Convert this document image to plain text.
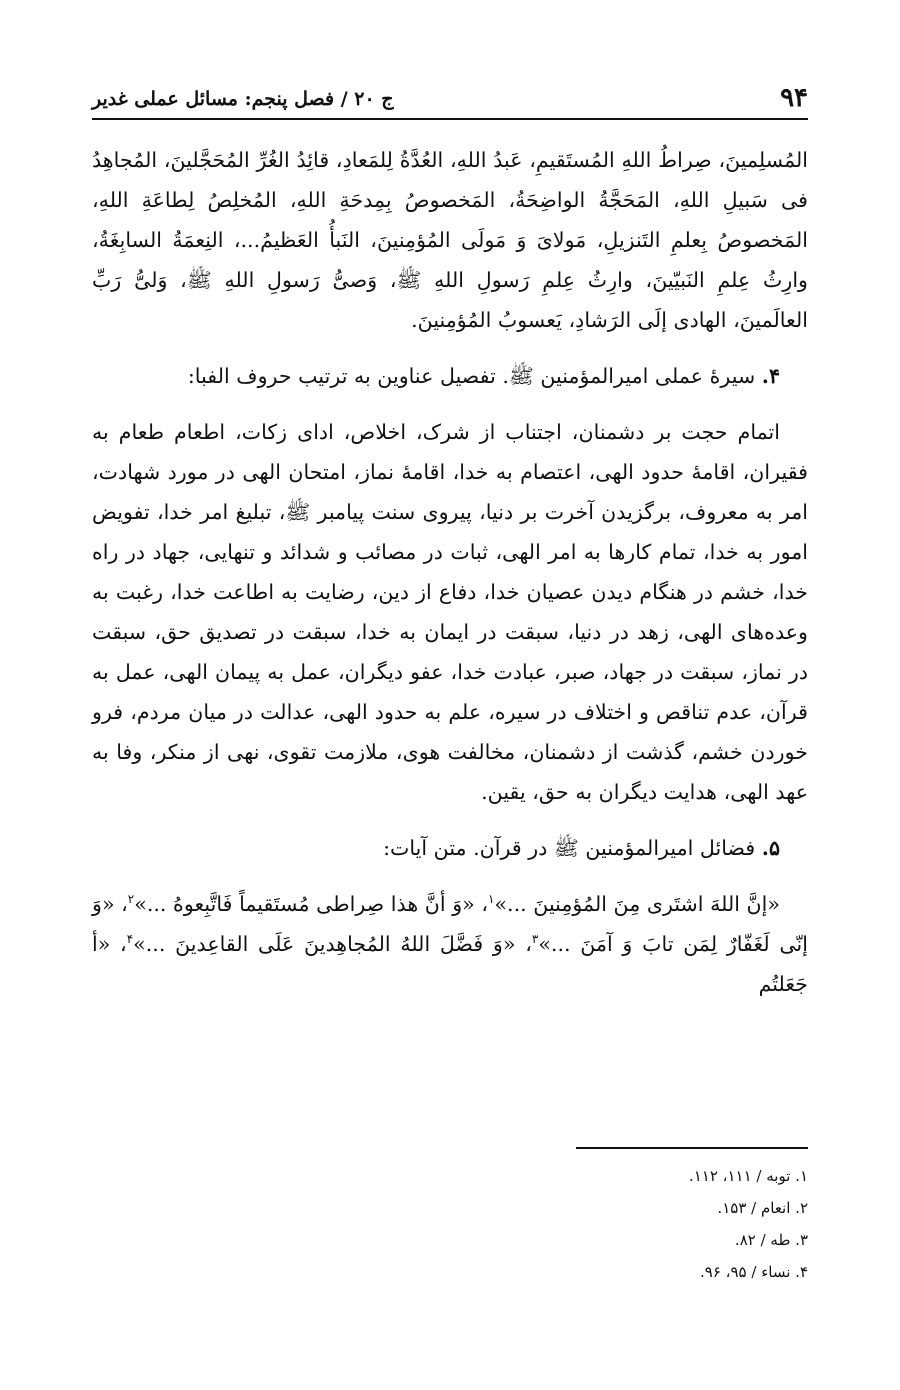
۹۴
ج ۲۰ / فصل پنجم: مسائل عملی غدیر

المُسلِمينَ، صِراطُ اللهِ المُستَقيمِ، عَبدُ اللهِ، العُدَّةُ لِلمَعادِ، قائِدُ الغُرِّ المُحَجَّلينَ، المُجاهِدُ فی سَبيلِ اللهِ، المَحَجَّةُ الواضِحَةُ، المَخصوصُ بِمِدحَةِ اللهِ، المُخلِصُ لِطاعَةِ اللهِ، المَخصوصُ بِعلمِ التَنزيلِ، مَولایَ وَ مَولَی المُؤمِنينَ، النَبأُ العَظيمُ...، النِعمَةُ السابِغَةُ، وارِثُ عِلمِ النَبيّينَ، وارِثُ عِلمِ رَسولِ اللهِ ﷺ، وَصیُّ رَسولِ اللهِ ﷺ، وَلیُّ رَبِّ العالَمينَ، الهادی إلَی الرَشادِ، يَعسوبُ المُؤمِنينَ.

۴. سيرۀ عملی اميرالمؤمنين ﷺ. تفصيل عناوين به ترتيب حروف الفبا:

اتمام حجت بر دشمنان، اجتناب از شرک، اخلاص، ادای زکات، اطعام طعام به فقيران، اقامۀ حدود الهی، اعتصام به خدا، اقامۀ نماز، امتحان الهی در مورد شهادت، امر به معروف، برگزيدن آخرت بر دنيا، پيروی سنت پيامبر ﷺ، تبليغ امر خدا، تفويض امور به خدا، تمام کارها به امر الهی، ثبات در مصائب و شدائد و تنهايی، جهاد در راه خدا، خشم در هنگام ديدن عصيان خدا، دفاع از دين، رضايت به اطاعت خدا، رغبت به وعده‌های الهی، زهد در دنيا، سبقت در ايمان به خدا، سبقت در تصديق حق، سبقت در نماز، سبقت در جهاد، صبر، عبادت خدا، عفو ديگران، عمل به پيمان الهی، عمل به قرآن، عدم تناقص و اختلاف در سيره، علم به حدود الهی، عدالت در ميان مردم، فرو خوردن خشم، گذشت از دشمنان، مخالفت هوی، ملازمت تقوی، نهی از منکر، وفا به عهد الهی، هدايت ديگران به حق، يقين.

۵. فضائل اميرالمؤمنين ﷺ در قرآن. متن آيات:

«إنَّ اللهَ اشتَری مِنَ المُؤمِنينَ ...»$^۱$، «وَ أنَّ هذا صِراطی مُستَقيماً فَاتَّبِعوهُ ...»$^۲$، «وَ إنّی لَغَفّارٌ لِمَن تابَ وَ آمَنَ ...»$^۳$، «وَ فَضَّلَ اللهُ المُجاهِدينَ عَلَی القاعِدينَ ...»$^۴$، «أ جَعَلتُم

۱. توبه / ۱۱۱، ۱۱۲.

۲. انعام / ۱۵۳.

۳. طه / ۸۲.

۴. نساء / ۹۵، ۹۶.
